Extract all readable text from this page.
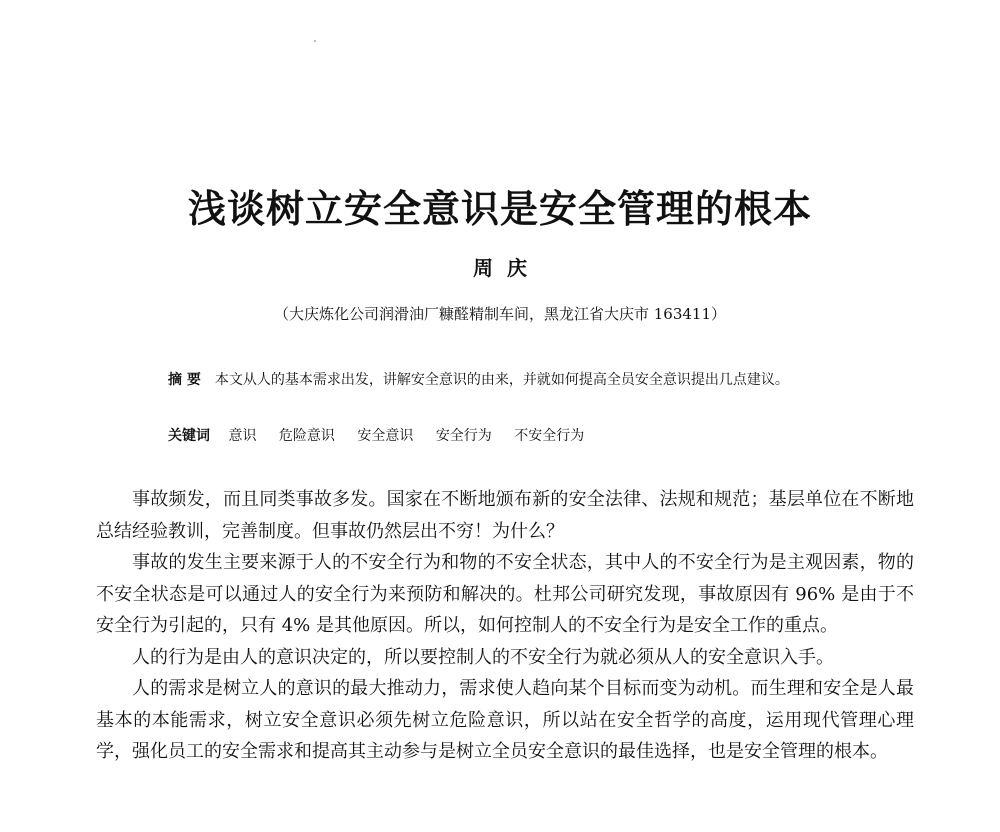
浅谈树立安全意识是安全管理的根本
周庆
（大庆炼化公司润滑油厂糠醛精制车间，黑龙江省大庆市 163411）
摘 要 本文从人的基本需求出发，讲解安全意识的由来，并就如何提高全员安全意识提出几点建议。
关键词 意识 危险意识 安全意识 安全行为 不安全行为

事故频发，而且同类事故多发。国家在不断地颁布新的安全法律、法规和规范；基层单位在不断地总结经验教训，完善制度。但事故仍然层出不穷！为什么？

事故的发生主要来源于人的不安全行为和物的不安全状态，其中人的不安全行为是主观因素，物的不安全状态是可以通过人的安全行为来预防和解决的。杜邦公司研究发现，事故原因有 96% 是由于不安全行为引起的，只有 4% 是其他原因。所以，如何控制人的不安全行为是安全工作的重点。

人的行为是由人的意识决定的，所以要控制人的不安全行为就必须从人的安全意识入手。

人的需求是树立人的意识的最大推动力，需求使人趋向某个目标而变为动机。而生理和安全是人最基本的本能需求，树立安全意识必须先树立危险意识，所以站在安全哲学的高度，运用现代管理心理学，强化员工的安全需求和提高其主动参与是树立全员安全意识的最佳选择，也是安全管理的根本。
